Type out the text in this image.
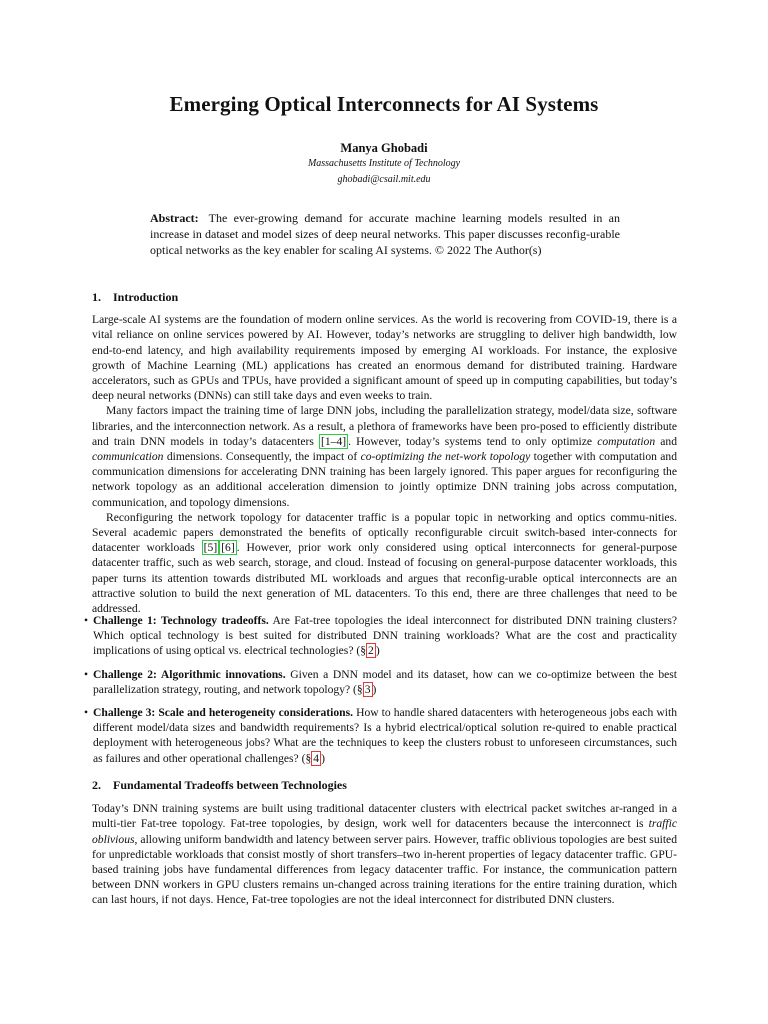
Emerging Optical Interconnects for AI Systems
Manya Ghobadi
Massachusetts Institute of Technology
ghobadi@csail.mit.edu
Abstract: The ever-growing demand for accurate machine learning models resulted in an increase in dataset and model sizes of deep neural networks. This paper discusses reconfig-urable optical networks as the key enabler for scaling AI systems. © 2022 The Author(s)
1. Introduction

Large-scale AI systems are the foundation of modern online services. As the world is recovering from COVID-19, there is a vital reliance on online services powered by AI. However, today’s networks are struggling to deliver high bandwidth, low end-to-end latency, and high availability requirements imposed by emerging AI workloads. For instance, the explosive growth of Machine Learning (ML) applications has created an enormous demand for distributed training. Hardware accelerators, such as GPUs and TPUs, have provided a significant amount of speed up in computing capabilities, but today’s deep neural networks (DNNs) can still take days and even weeks to train.

Many factors impact the training time of large DNN jobs, including the parallelization strategy, model/data size, software libraries, and the interconnection network. As a result, a plethora of frameworks have been pro-posed to efficiently distribute and train DNN models in today’s datacenters [1–4] . However, today’s systems tend to only optimize computation and communication dimensions. Consequently, the impact of co-optimizing the net-work topology together with computation and communication dimensions for accelerating DNN training has been largely ignored. This paper argues for reconfiguring the network topology as an additional acceleration dimension to jointly optimize DNN training jobs across computation, communication, and topology dimensions.

Reconfiguring the network topology for datacenter traffic is a popular topic in networking and optics commu-nities. Several academic papers demonstrated the benefits of optically reconfigurable circuit switch-based inter-connects for datacenter workloads [5] [6] . However, prior work only considered using optical interconnects for general-purpose datacenter traffic, such as web search, storage, and cloud. Instead of focusing on general-purpose datacenter workloads, this paper turns its attention towards distributed ML workloads and argues that reconfig-urable optical interconnects are an attractive solution to build the next generation of ML datacenters. To this end, there are three challenges that need to be addressed.

• Challenge 1: Technology tradeoffs. Are Fat-tree topologies the ideal interconnect for distributed DNN training clusters? Which optical technology is best suited for distributed DNN training workloads? What are the cost and practicality implications of using optical vs. electrical technologies? (§ 2 )

• Challenge 2: Algorithmic innovations. Given a DNN model and its dataset, how can we co-optimize between the best parallelization strategy, routing, and network topology? (§ 3 )

• Challenge 3: Scale and heterogeneity considerations. How to handle shared datacenters with heterogeneous jobs each with different model/data sizes and bandwidth requirements? Is a hybrid electrical/optical solution re-quired to enable practical deployment with heterogeneous jobs? What are the techniques to keep the clusters robust to unforeseen circumstances, such as failures and other operational challenges? (§ 4 )

2. Fundamental Tradeoffs between Technologies

Today’s DNN training systems are built using traditional datacenter clusters with electrical packet switches ar-ranged in a multi-tier Fat-tree topology. Fat-tree topologies, by design, work well for datacenters because the interconnect is traffic oblivious, allowing uniform bandwidth and latency between server pairs. However, traffic oblivious topologies are best suited for unpredictable workloads that consist mostly of short transfers–two in-herent properties of legacy datacenter traffic. GPU-based training jobs have fundamental differences from legacy datacenter traffic. For instance, the communication pattern between DNN workers in GPU clusters remains un-changed across training iterations for the entire training duration, which can last hours, if not days. Hence, Fat-tree topologies are not the ideal interconnect for distributed DNN clusters.
